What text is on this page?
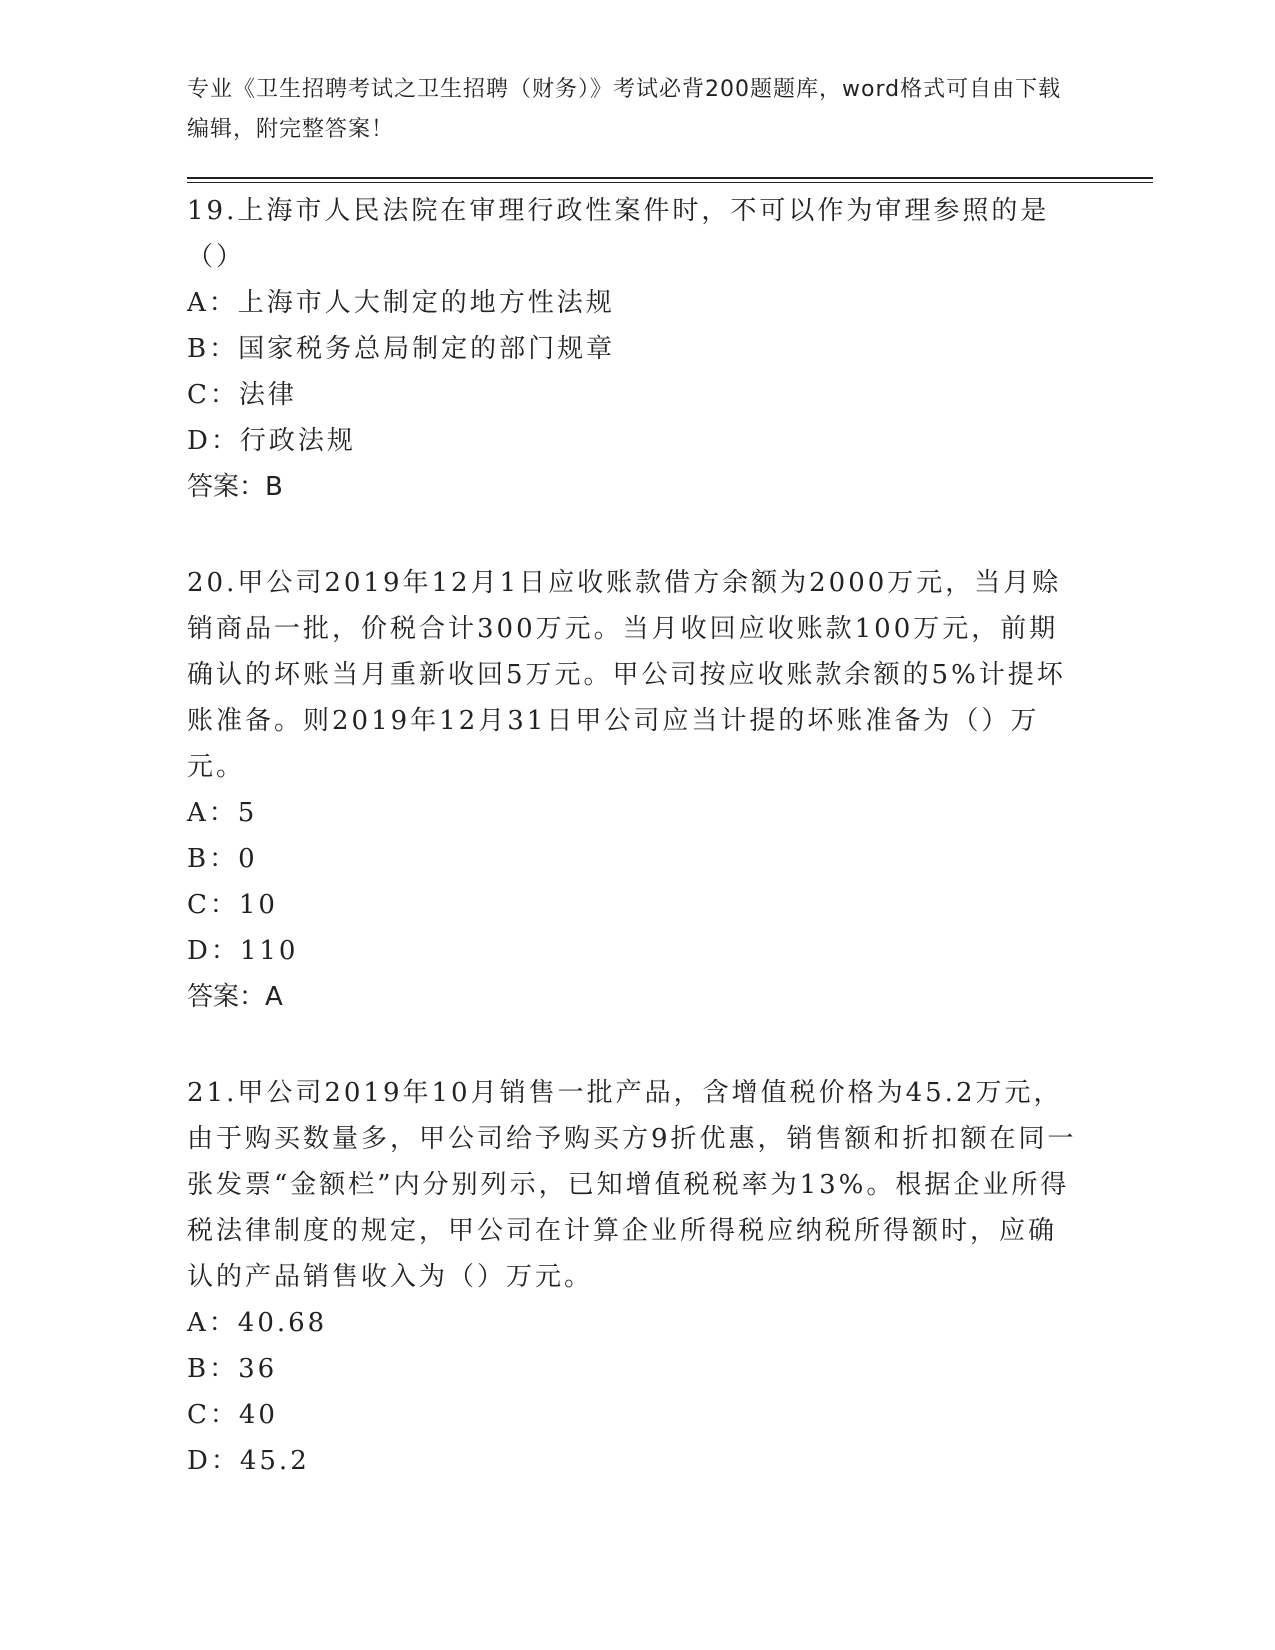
专业《卫生招聘考试之卫生招聘（财务）》考试必背200题题库，word格式可自由下载编辑，附完整答案！

19.上海市人民法院在审理行政性案件时，不可以作为审理参照的是（）

A：上海市人大制定的地方性法规

B：国家税务总局制定的部门规章

C：法律

D：行政法规

答案：B

20.甲公司2019年12月1日应收账款借方余额为2000万元，当月赊销商品一批，价税合计300万元。当月收回应收账款100万元，前期确认的坏账当月重新收回5万元。甲公司按应收账款余额的5%计提坏账准备。则2019年12月31日甲公司应当计提的坏账准备为（）万元。

A：5

B：0

C：10

D：110

答案：A

21.甲公司2019年10月销售一批产品，含增值税价格为45.2万元，由于购买数量多，甲公司给予购买方9折优惠，销售额和折扣额在同一张发票“金额栏”内分别列示，已知增值税税率为13%。根据企业所得税法律制度的规定，甲公司在计算企业所得税应纳税所得额时，应确认的产品销售收入为（）万元。

A：40.68

B：36

C：40

D：45.2
